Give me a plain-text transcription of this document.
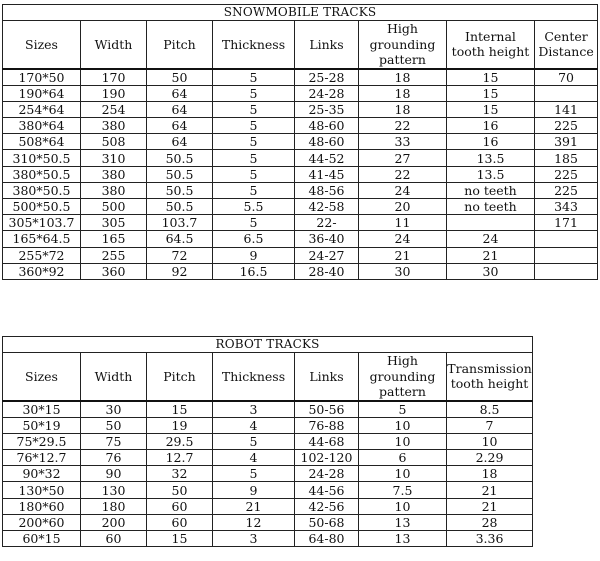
SNOWMOBILE TRACKS							
Sizes	Width	Pitch	Thickness	Links	High grounding pattern	Internal tooth height	Center Distance
170*50	170	50	5	25-28	18	15	70
190*64	190	64	5	24-28	18	15	
254*64	254	64	5	25-35	18	15	141
380*64	380	64	5	48-60	22	16	225
508*64	508	64	5	48-60	33	16	391
310*50.5	310	50.5	5	44-52	27	13.5	185
380*50.5	380	50.5	5	41-45	22	13.5	225
380*50.5	380	50.5	5	48-56	24	no teeth	225
500*50.5	500	50.5	5.5	42-58	20	no teeth	343
305*103.7	305	103.7	5	22-	11		171
165*64.5	165	64.5	6.5	36-40	24	24	
255*72	255	72	9	24-27	21	21	
360*92	360	92	16.5	28-40	30	30	
ROBOT TRACKS						
Sizes	Width	Pitch	Thickness	Links	High grounding pattern	Transmission tooth height
30*15	30	15	3	50-56	5	8.5
50*19	50	19	4	76-88	10	7
75*29.5	75	29.5	5	44-68	10	10
76*12.7	76	12.7	4	102-120	6	2.29
90*32	90	32	5	24-28	10	18
130*50	130	50	9	44-56	7.5	21
180*60	180	60	21	42-56	10	21
200*60	200	60	12	50-68	13	28
60*15	60	15	3	64-80	13	3.36
